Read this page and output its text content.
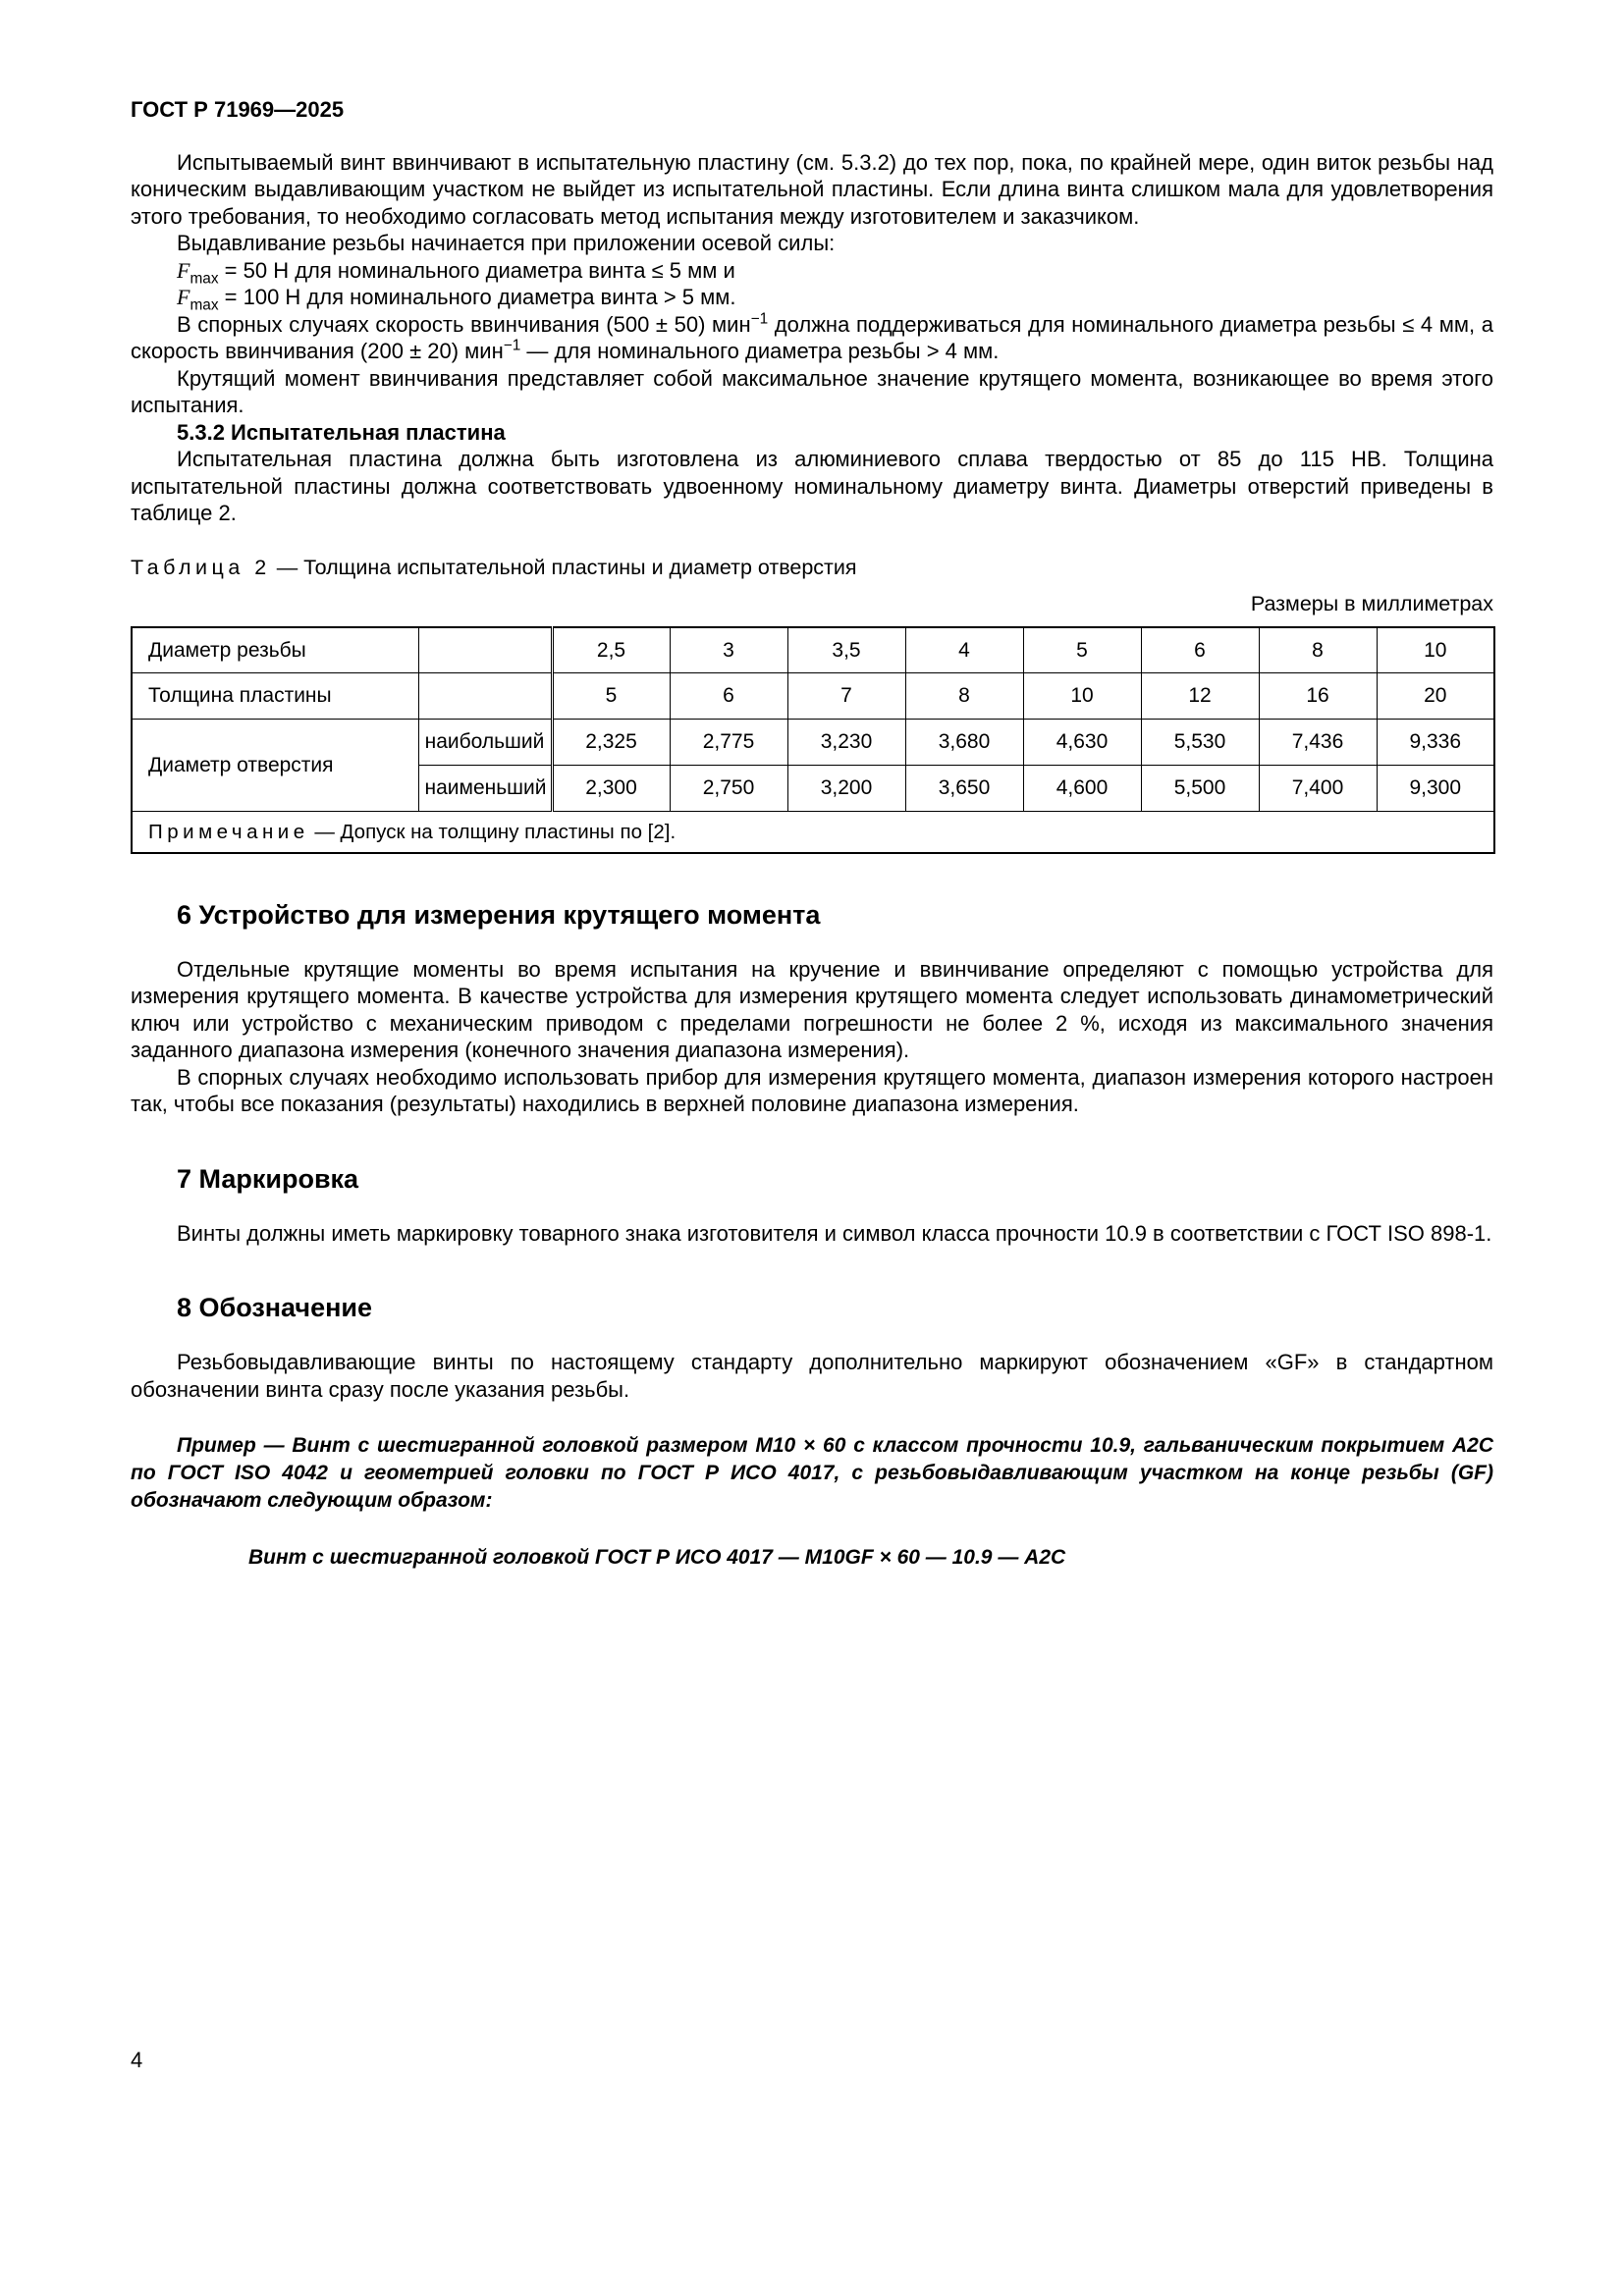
ГОСТ Р 71969—2025

Испытываемый винт ввинчивают в испытательную пластину (см. 5.3.2) до тех пор, пока, по крайней мере, один виток резьбы над коническим выдавливающим участком не выйдет из испытательной пластины. Если длина винта слишком мала для удовлетворения этого требования, то необходимо согласовать метод испытания между изготовителем и заказчиком.

Выдавливание резьбы начинается при приложении осевой силы:

$F_{max} = 50$ Н для номинального диаметра винта ≤ 5 мм и

$F_{max} = 100$ Н для номинального диаметра винта > 5 мм.

В спорных случаях скорость ввинчивания (500 ± 50) мин$^{-1}$ должна поддерживаться для номинального диаметра резьбы ≤ 4 мм, а скорость ввинчивания (200 ± 20) мин$^{-1}$ — для номинального диаметра резьбы > 4 мм.

Крутящий момент ввинчивания представляет собой максимальное значение крутящего момента, возникающее во время этого испытания.

5.3.2 Испытательная пластина

Испытательная пластина должна быть изготовлена из алюминиевого сплава твердостью от 85 до 115 HB. Толщина испытательной пластины должна соответствовать удвоенному номинальному диаметру винта. Диаметры отверстий приведены в таблице 2.

Таблица 2 — Толщина испытательной пластины и диаметр отверстия

Размеры в миллиметрах

Диаметр резьбы		2,5	3	3,5	4	5	6	8	10
Толщина пластины		5	6	7	8	10	12	16	20
Диаметр отверстия	наибольший	2,325	2,775	3,230	3,680	4,630	5,530	7,436	9,336
	наименьший	2,300	2,750	3,200	3,650	4,600	5,500	7,400	9,300
Примечание — Допуск на толщину пластины по [2].									
6 Устройство для измерения крутящего момента

Отдельные крутящие моменты во время испытания на кручение и ввинчивание определяют с помощью устройства для измерения крутящего момента. В качестве устройства для измерения крутящего момента следует использовать динамометрический ключ или устройство с механическим приводом с пределами погрешности не более 2 %, исходя из максимального значения заданного диапазона измерения (конечного значения диапазона измерения).

В спорных случаях необходимо использовать прибор для измерения крутящего момента, диапазон измерения которого настроен так, чтобы все показания (результаты) находились в верхней половине диапазона измерения.

7 Маркировка

Винты должны иметь маркировку товарного знака изготовителя и символ класса прочности 10.9 в соответствии с ГОСТ ISO 898-1.

8 Обозначение

Резьбовыдавливающие винты по настоящему стандарту дополнительно маркируют обозначением «GF» в стандартном обозначении винта сразу после указания резьбы.

Пример — Винт с шестигранной головкой размером М10 × 60 с классом прочности 10.9, гальваническим покрытием А2С по ГОСТ ISO 4042 и геометрией головки по ГОСТ Р ИСО 4017, с резьбовыдавливающим участком на конце резьбы (GF) обозначают следующим образом:

Винт с шестигранной головкой ГОСТ Р ИСО 4017 — M10GF × 60 — 10.9 — А2С

4
